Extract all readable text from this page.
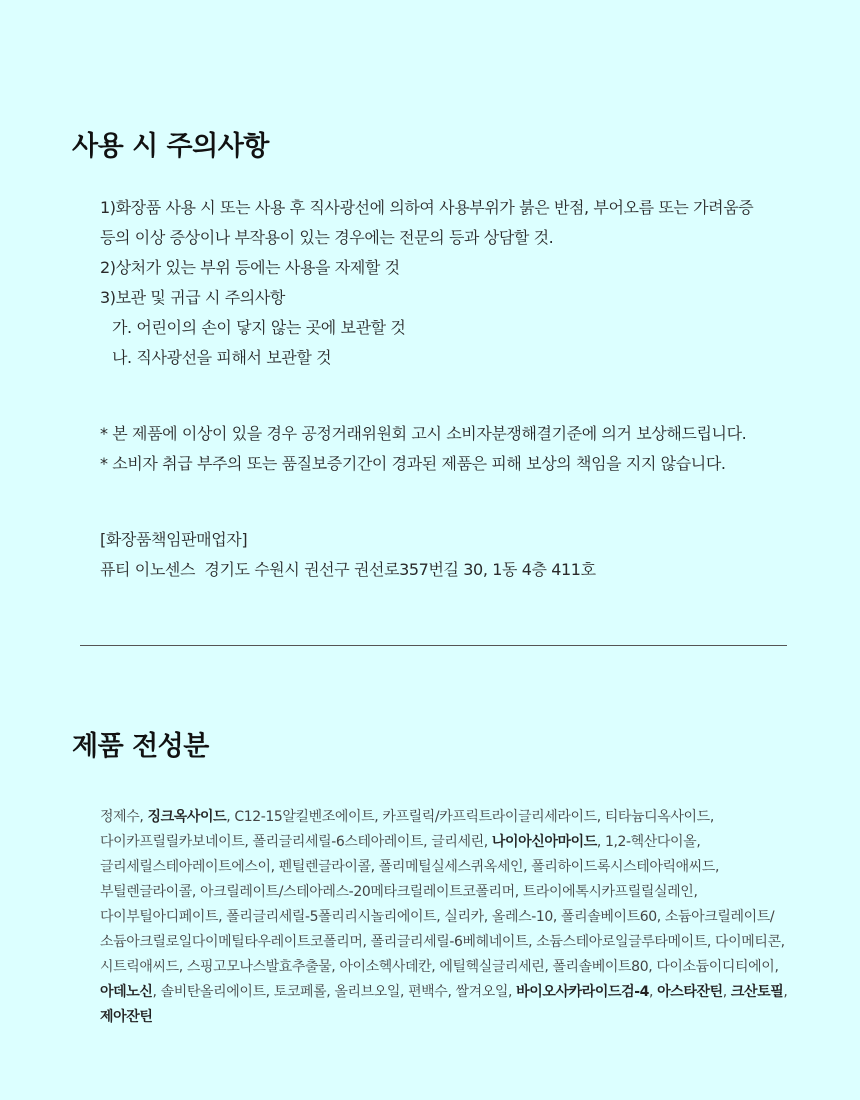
사용 시 주의사항
1)화장품 사용 시 또는 사용 후 직사광선에 의하여 사용부위가 붉은 반점, 부어오름 또는 가려움증
등의 이상 증상이나 부작용이 있는 경우에는 전문의 등과 상담할 것.
2)상처가 있는 부위 등에는 사용을 자제할 것
3)보관 및 귀급 시 주의사항
가. 어린이의 손이 닿지 않는 곳에 보관할 것
나. 직사광선을 피해서 보관할 것
* 본 제품에 이상이 있을 경우 공정거래위원회 고시 소비자분쟁해결기준에 의거 보상해드립니다.
* 소비자 취급 부주의 또는 품질보증기간이 경과된 제품은 피해 보상의 책임을 지지 않습니다.
[화장품책임판매업자]
퓨티 이노센스  경기도 수원시 권선구 권선로357번길 30, 1동 4층 411호
제품 전성분

정제수, 징크옥사이드, C12-15알킬벤조에이트, 카프릴릭/카프릭트라이글리세라이드, 티타늄디옥사이드, 다이카프릴릴카보네이트, 폴리글리세릴-6스테아레이트, 글리세린, 나이아신아마이드, 1,2-헥산다이올, 글리세릴스테아레이트에스이, 펜틸렌글라이콜, 폴리메틸실세스퀴옥세인, 폴리하이드록시스테아릭애씨드, 부틸렌글라이콜, 아크릴레이트/스테아레스-20메타크릴레이트코폴리머, 트라이에톡시카프릴릴실레인, 다이부틸아디페이트, 폴리글리세릴-5폴리리시놀리에이트, 실리카, 올레스-10, 폴리솔베이트60, 소듐아크릴레이트/소듐아크릴로일다이메틸타우레이트코폴리머, 폴리글리세릴-6베헤네이트, 소듐스테아로일글루타메이트, 다이메티콘, 시트릭애씨드, 스핑고모나스발효추출물, 아이소헥사데칸, 에틸헥실글리세린, 폴리솔베이트80, 다이소듐이디티에이, 아데노신, 솔비탄올리에이트, 토코페롤, 올리브오일, 편백수, 쌀겨오일, 바이오사카라이드검-4, 아스타잔틴, 크산토필, 제아잔틴
